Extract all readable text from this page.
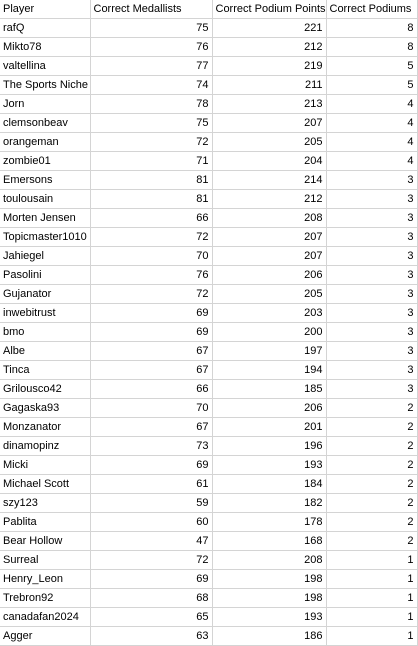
Player	Correct Medallists	Correct Podium Points	Correct Podiums
rafQ	75	221	8
Mikto78	76	212	8
valtellina	77	219	5
The Sports Niche	74	211	5
Jorn	78	213	4
clemsonbeav	75	207	4
orangeman	72	205	4
zombie01	71	204	4
Emersons	81	214	3
toulousain	81	212	3
Morten Jensen	66	208	3
Topicmaster1010	72	207	3
Jahiegel	70	207	3
Pasolini	76	206	3
Gujanator	72	205	3
inwebitrust	69	203	3
bmo	69	200	3
Albe	67	197	3
Tinca	67	194	3
Grilousco42	66	185	3
Gagaska93	70	206	2
Monzanator	67	201	2
dinamopinz	73	196	2
Micki	69	193	2
Michael Scott	61	184	2
szy123	59	182	2
Pablita	60	178	2
Bear Hollow	47	168	2
Surreal	72	208	1
Henry_Leon	69	198	1
Trebron92	68	198	1
canadafan2024	65	193	1
Agger	63	186	1
